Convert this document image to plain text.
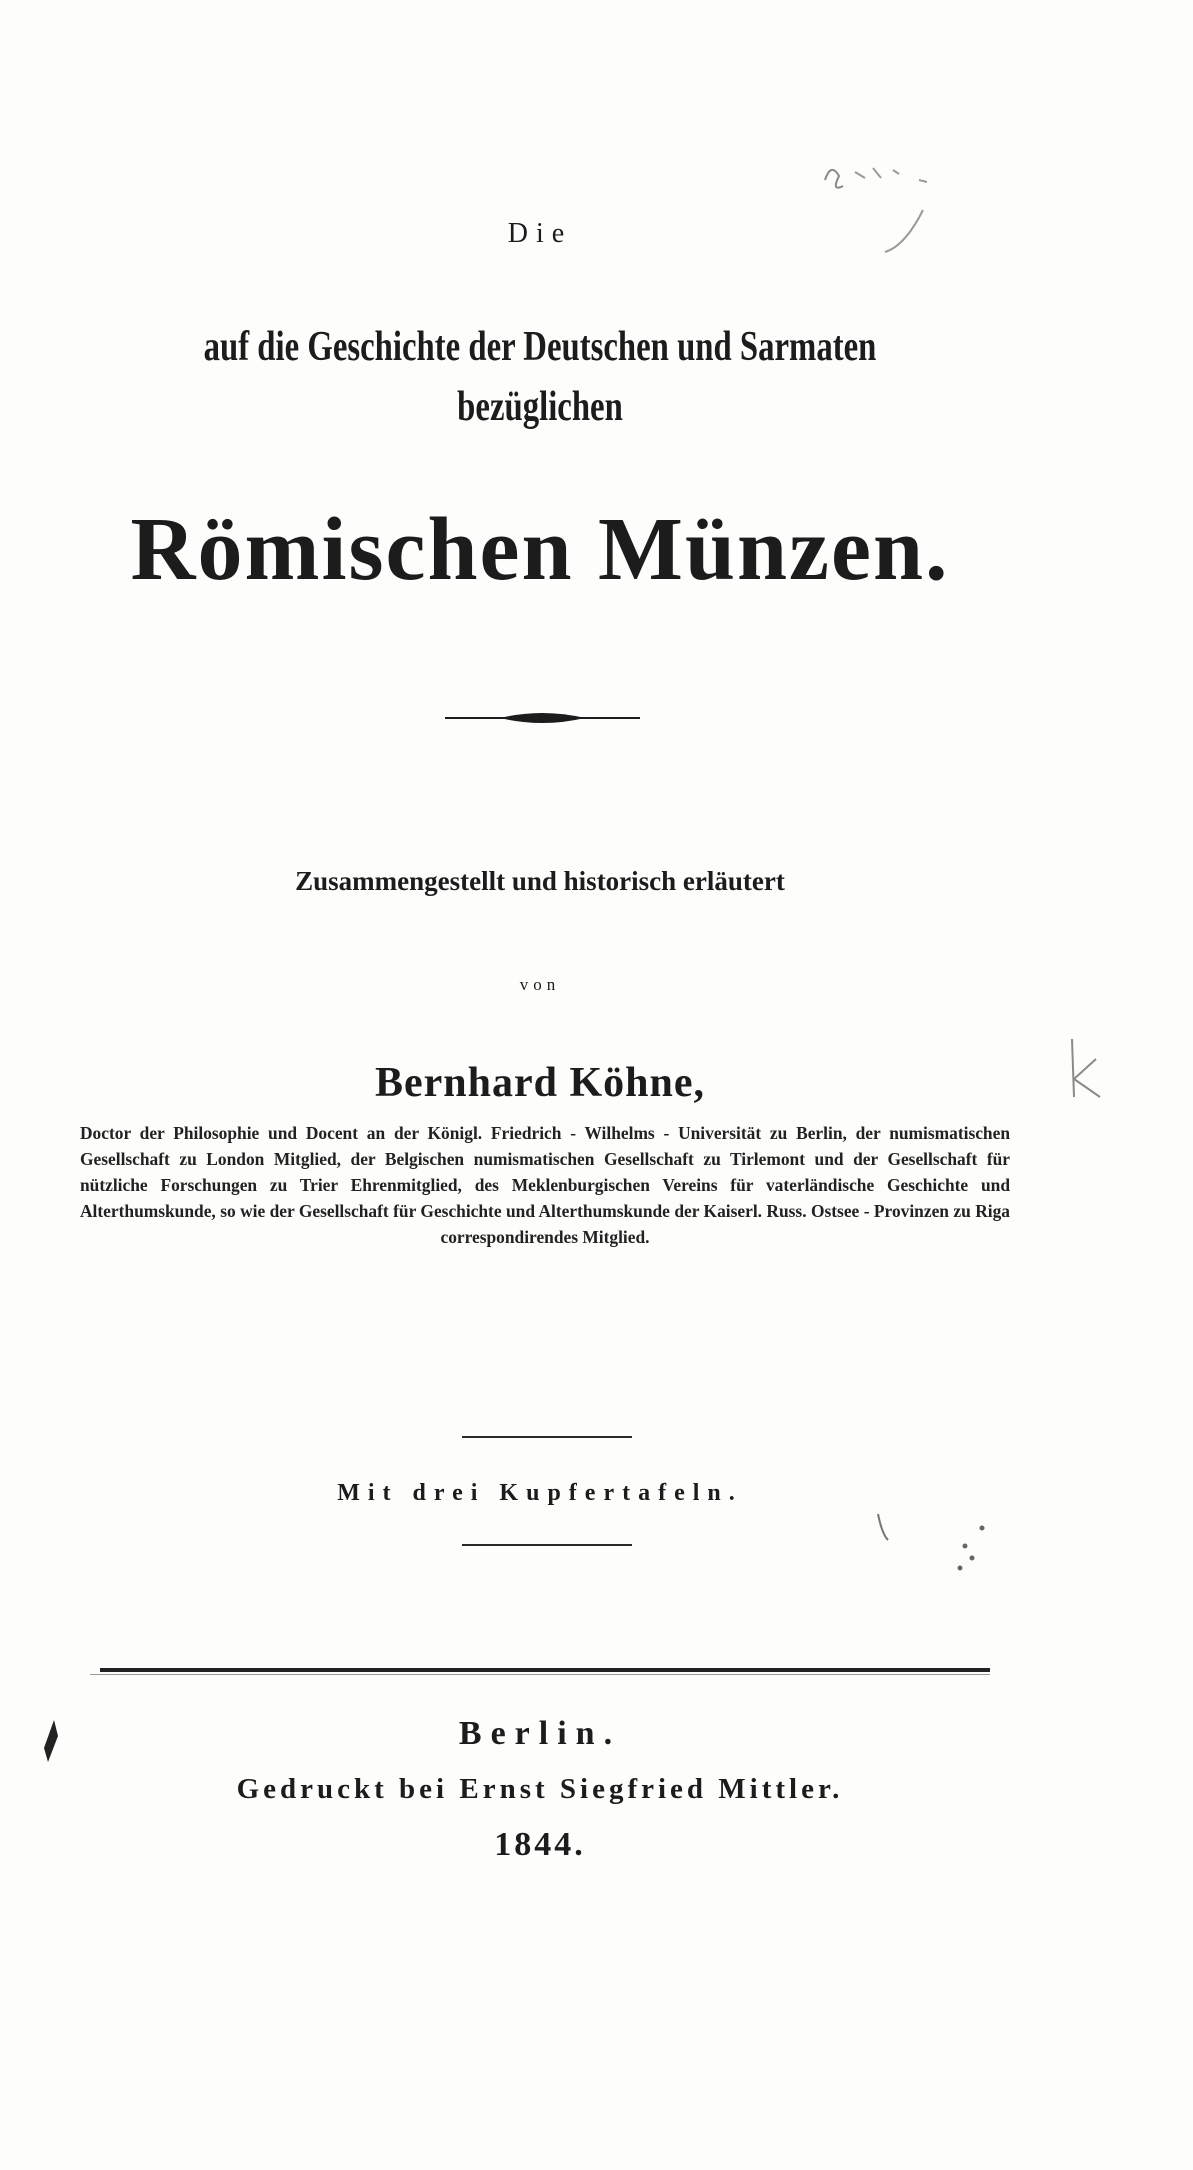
Die
auf die Geschichte der Deutschen und Sarmaten
bezüglichen
Römischen Münzen.
Zusammengestellt und historisch erläutert
von
Bernhard Köhne,
Doctor der Philosophie und Docent an der Königl. Friedrich - Wilhelms - Universität zu Berlin, der numismatischen Gesellschaft zu London Mitglied, der Belgischen numismatischen Gesellschaft zu Tirlemont und der Gesellschaft für nützliche Forschungen zu Trier Ehrenmitglied, des Meklenburgischen Vereins für vaterländische Geschichte und Alterthumskunde, so wie der Gesellschaft für Geschichte und Alterthumskunde der Kaiserl. Russ. Ostsee - Provinzen zu Riga correspondirendes Mitglied.
Mit drei Kupfertafeln.
Berlin.
Gedruckt bei Ernst Siegfried Mittler.
1844.
